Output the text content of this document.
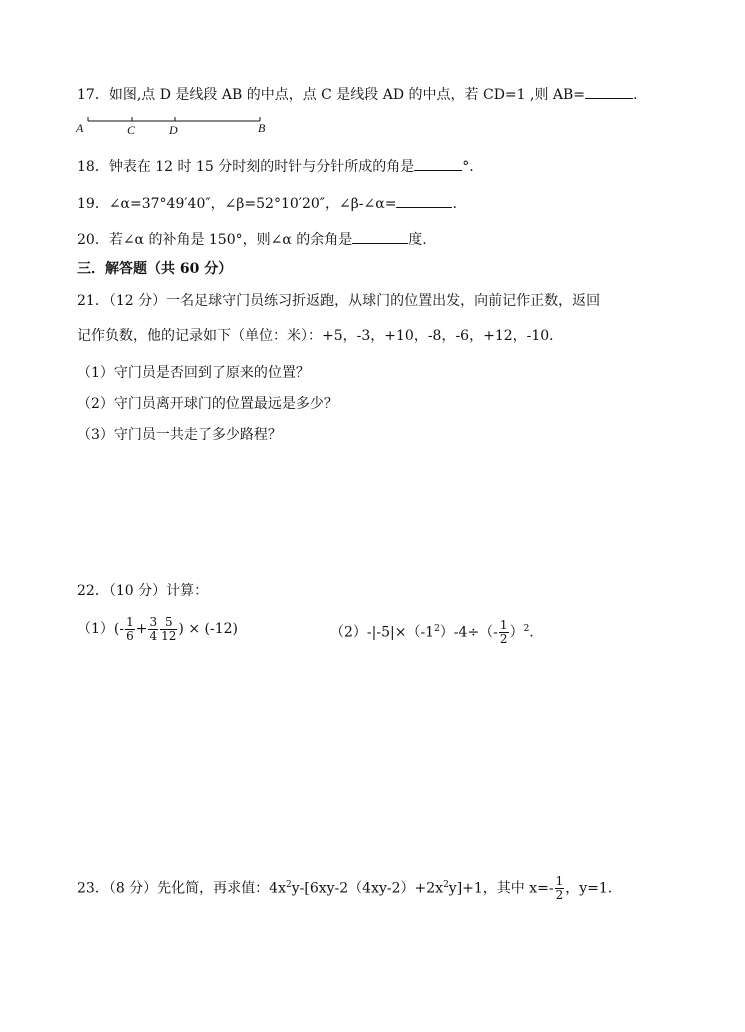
17．如图,点 D 是线段 AB 的中点，点 C 是线段 AD 的中点，若 CD=1 ,则 AB=	.
A	C	D	B
18．钟表在 12 时 15 分时刻的时针与分针所成的角是	°.
19．∠α=37°49′40″，∠β=52°10′20″，∠β-∠α=	.
20．若∠α 的补角是 150°，则∠α 的余角是	度.
三．解答题（共 60 分）
21．（12 分）一名足球守门员练习折返跑，从球门的位置出发，向前记作正数，返回
记作负数，他的记录如下（单位：米）：+5，-3，+10，-8，-6，+12，-10．
（1）守门员是否回到了原来的位置？
（2）守门员离开球门的位置最远是多少？
（3）守门员一共走了多少路程？
22．（10 分）计算：
$(1)(- \frac{1}{6} + \frac{3}{4} \frac{5}{12}$ ) × (-12)	$(2)-|-5|\times(-1^2)-4\div(- \frac{1}{2} )^2$.
23．（8 分）先化简，再求值：$4x^2y-[6xy-2(4xy-2)+2x^2y]+1$，其中 $x=- \frac{1}{2}$ ，y=1．
